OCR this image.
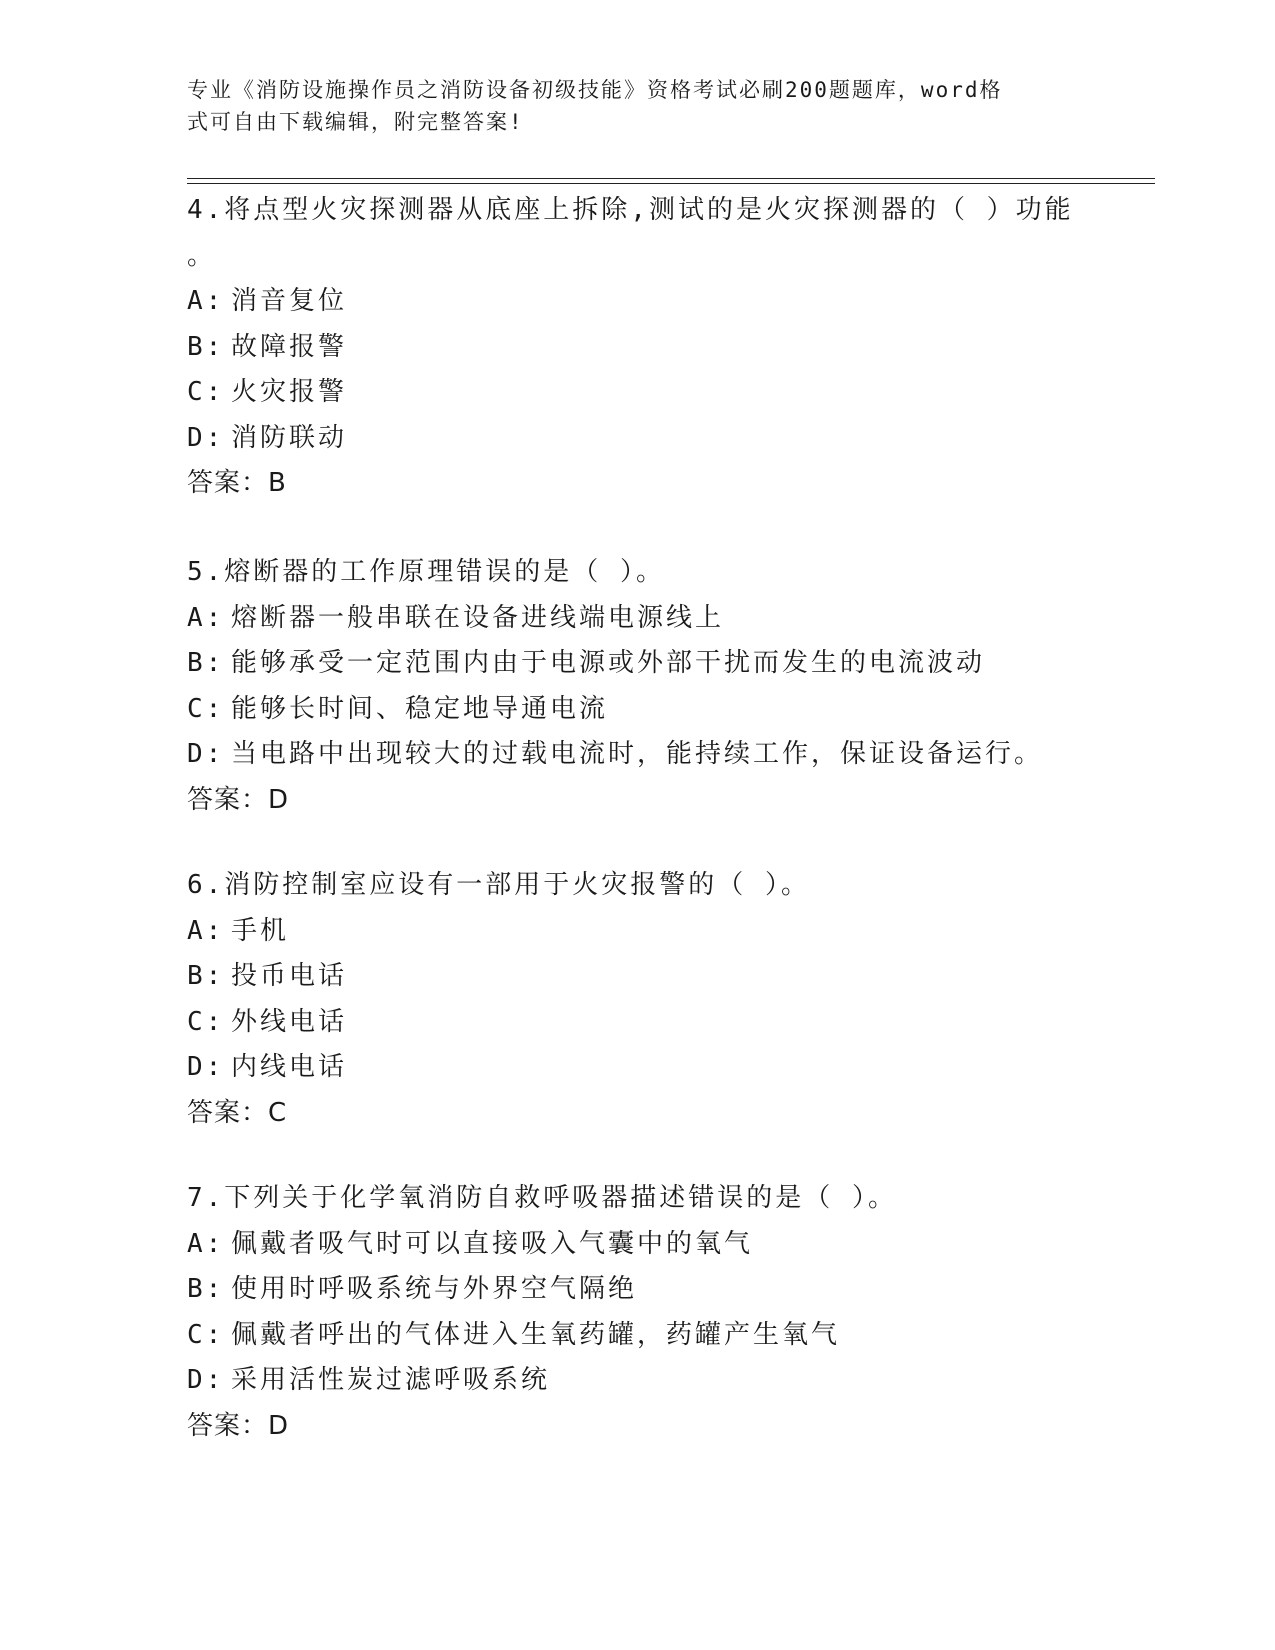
专业《消防设施操作员之消防设备初级技能》资格考试必刷200题题库，word格
式可自由下载编辑，附完整答案!
4.将点型火灾探测器从底座上拆除,测试的是火灾探测器的（ ）功能
。
A: 消音复位
B: 故障报警
C: 火灾报警
D: 消防联动
答案：B
5.熔断器的工作原理错误的是（ ）。
A: 熔断器一般串联在设备进线端电源线上
B: 能够承受一定范围内由于电源或外部干扰而发生的电流波动
C: 能够长时间、稳定地导通电流
D: 当电路中出现较大的过载电流时，能持续工作，保证设备运行。
答案：D
6.消防控制室应设有一部用于火灾报警的（ ）。
A: 手机
B: 投币电话
C: 外线电话
D: 内线电话
答案：C
7.下列关于化学氧消防自救呼吸器描述错误的是（ ）。
A: 佩戴者吸气时可以直接吸入气囊中的氧气
B: 使用时呼吸系统与外界空气隔绝
C: 佩戴者呼出的气体进入生氧药罐，药罐产生氧气
D: 采用活性炭过滤呼吸系统
答案：D
